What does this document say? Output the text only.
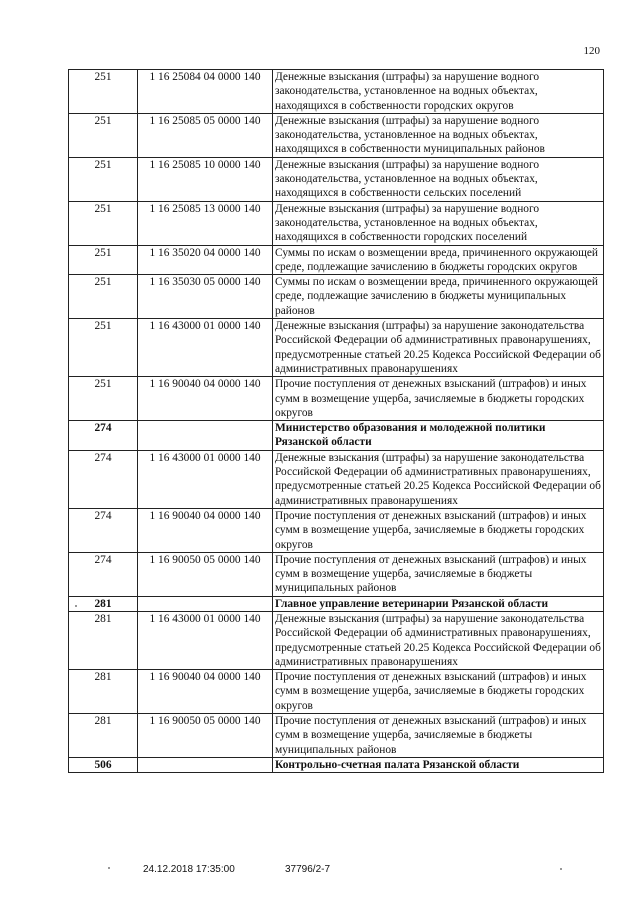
120
251	1 16 25084 04 0000 140	Денежные взыскания (штрафы) за нарушение водного законодательства, установленное на водных объектах, находящихся в собственности городских округов
251	1 16 25085 05 0000 140	Денежные взыскания (штрафы) за нарушение водного законодательства, установленное на водных объектах, находящихся в собственности муниципальных районов
251	1 16 25085 10 0000 140	Денежные взыскания (штрафы) за нарушение водного законодательства, установленное на водных объектах, находящихся в собственности сельских поселений
251	1 16 25085 13 0000 140	Денежные взыскания (штрафы) за нарушение водного законодательства, установленное на водных объектах, находящихся в собственности городских поселений
251	1 16 35020 04 0000 140	Суммы по искам о возмещении вреда, причиненного окружающей среде, подлежащие зачислению в бюджеты городских округов
251	1 16 35030 05 0000 140	Суммы по искам о возмещении вреда, причиненного окружающей среде, подлежащие зачислению в бюджеты муниципальных районов
251	1 16 43000 01 0000 140	Денежные взыскания (штрафы) за нарушение законодательства Российской Федерации об административных правонарушениях, предусмотренные статьей 20.25 Кодекса Российской Федерации об административных правонарушениях
251	1 16 90040 04 0000 140	Прочие поступления от денежных взысканий (штрафов) и иных сумм в возмещение ущерба, зачисляемые в бюджеты городских округов
274		Министерство образования и молодежной политики Рязанской области
274	1 16 43000 01 0000 140	Денежные взыскания (штрафы) за нарушение законодательства Российской Федерации об административных правонарушениях, предусмотренные статьей 20.25 Кодекса Российской Федерации об административных правонарушениях
274	1 16 90040 04 0000 140	Прочие поступления от денежных взысканий (штрафов) и иных сумм в возмещение ущерба, зачисляемые в бюджеты городских округов
274	1 16 90050 05 0000 140	Прочие поступления от денежных взысканий (штрафов) и иных сумм в возмещение ущерба, зачисляемые в бюджеты муниципальных районов
281		Главное управление ветеринарии Рязанской области
281	1 16 43000 01 0000 140	Денежные взыскания (штрафы) за нарушение законодательства Российской Федерации об административных правонарушениях, предусмотренные статьей 20.25 Кодекса Российской Федерации об административных правонарушениях
281	1 16 90040 04 0000 140	Прочие поступления от денежных взысканий (штрафов) и иных сумм в возмещение ущерба, зачисляемые в бюджеты городских округов
281	1 16 90050 05 0000 140	Прочие поступления от денежных взысканий (штрафов) и иных сумм в возмещение ущерба, зачисляемые в бюджеты муниципальных районов
506		Контрольно-счетная палата Рязанской области
24.12.2018 17:35:00	37796/2-7
